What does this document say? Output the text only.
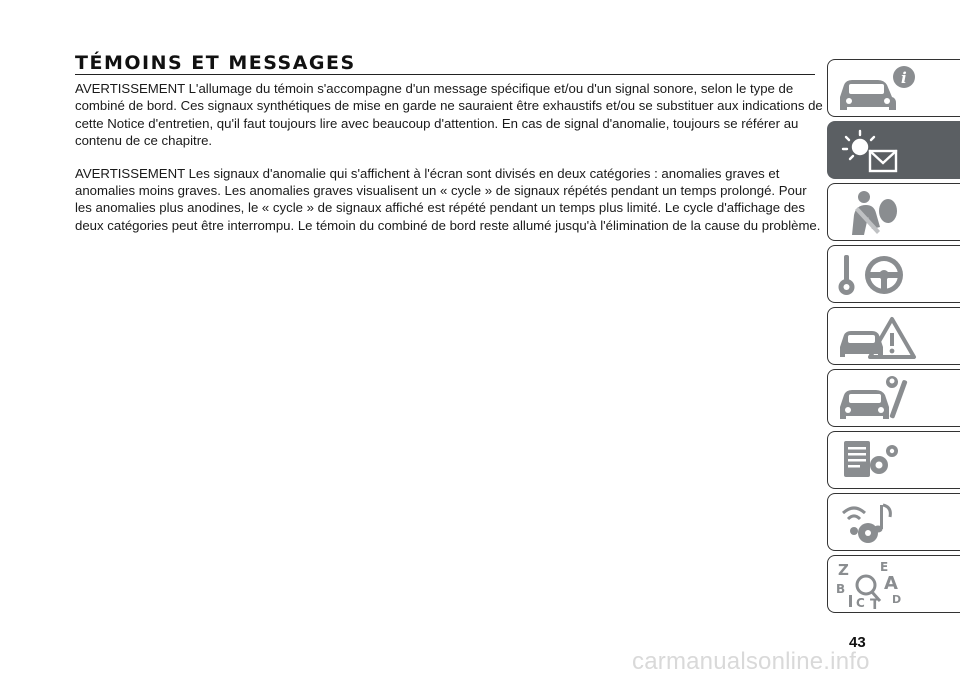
TÉMOINS ET MESSAGES

AVERTISSEMENT L'allumage du témoin s'accompagne d'un message spécifique et/ou d'un signal sonore, selon le type de combiné de bord. Ces signaux synthétiques de mise en garde ne sauraient être exhaustifs et/ou se substituer aux indications de cette Notice d'entretien, qu'il faut toujours lire avec beaucoup d'attention. En cas de signal d'anomalie, toujours se référer au contenu de ce chapitre.

AVERTISSEMENT Les signaux d'anomalie qui s'affichent à l'écran sont divisés en deux catégories : anomalies graves et anomalies moins graves. Les anomalies graves visualisent un « cycle » de signaux répétés pendant un temps prolongé. Pour les anomalies plus anodines, le « cycle » de signaux affiché est répété pendant un temps plus limité. Le cycle d'affichage des deux catégories peut être interrompu. Le témoin du combiné de bord reste allumé jusqu'à l'élimination de la cause du problème.

i
Z	E
A
B
C D
T
43
carmanualsonline.info
